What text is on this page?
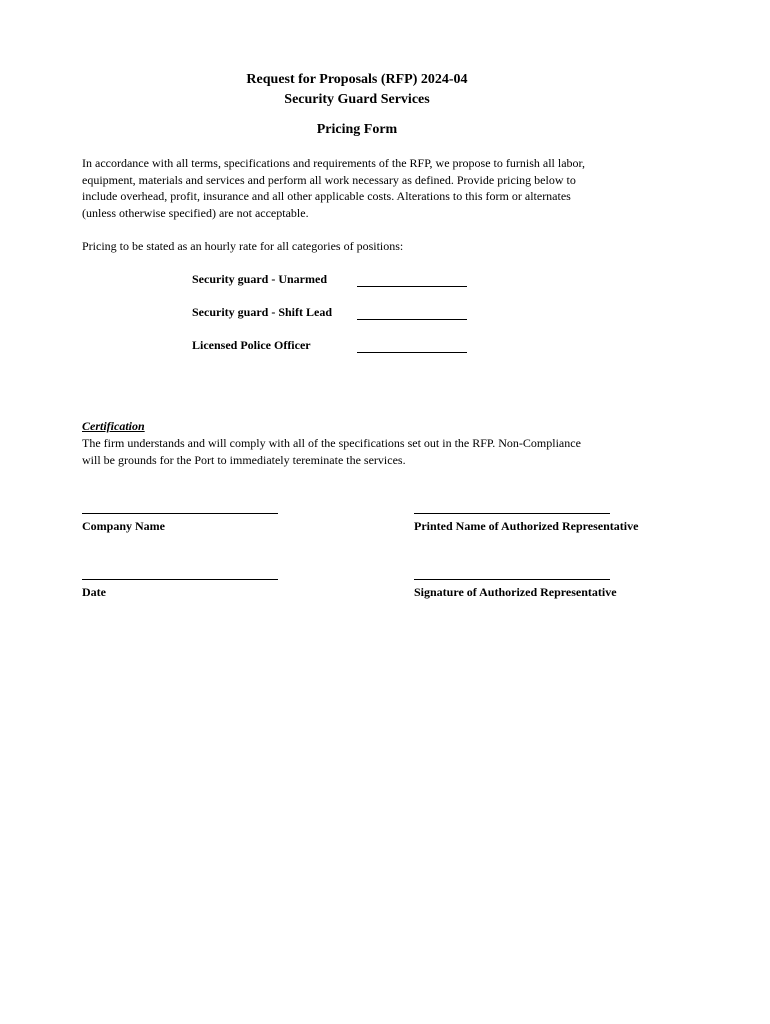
Request for Proposals (RFP) 2024-04
Security Guard Services
Pricing Form
In accordance with all terms, specifications and requirements of the RFP, we propose to furnish all labor,
equipment, materials and services and perform all work necessary as defined. Provide pricing below to
include overhead, profit, insurance and all other applicable costs. Alterations to this form or alternates
(unless otherwise specified) are not acceptable.
Pricing to be stated as an hourly rate for all categories of positions:
Security guard - Unarmed
Security guard - Shift Lead
Licensed Police Officer
Certification
The firm understands and will comply with all of the specifications set out in the RFP. Non-Compliance
will be grounds for the Port to immediately tereminate the services.
Company Name	Printed Name of Authorized Representative
Date	Signature of Authorized Representative
